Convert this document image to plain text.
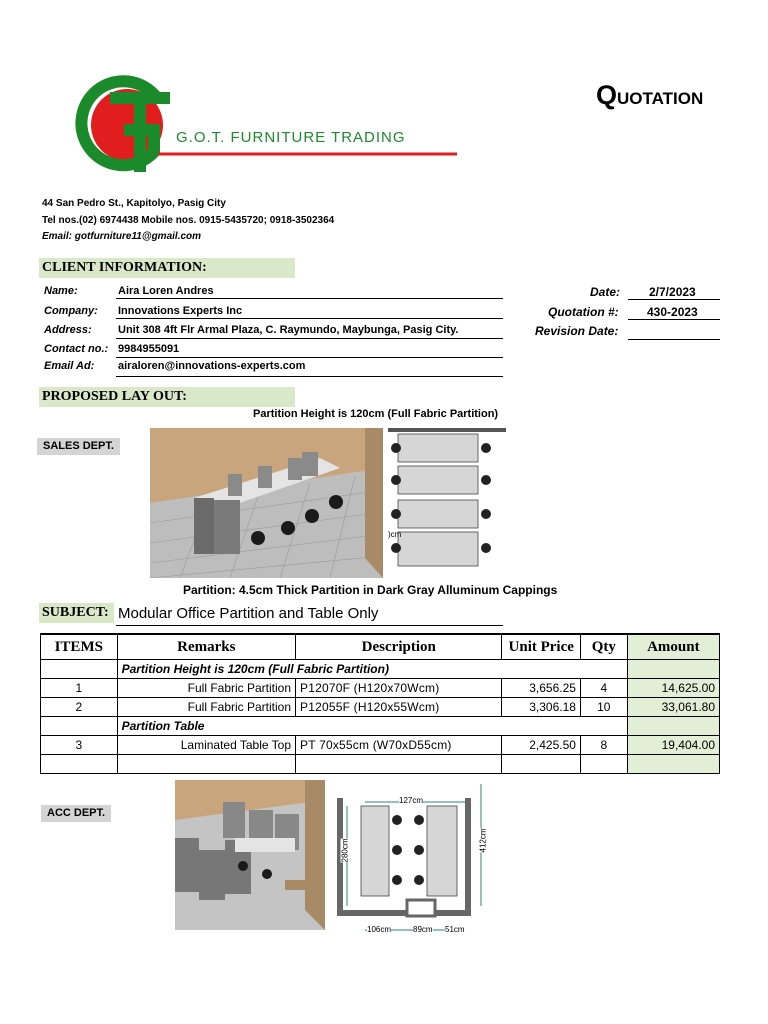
G.O.T. FURNITURE TRADING
QUOTATION
44 San Pedro St., Kapitolyo, Pasig City
Tel nos.(02) 6974438 Mobile nos. 0915-5435720; 0918-3502364
Email: gotfurniture11@gmail.com
CLIENT INFORMATION:
Name:	Aira Loren Andres
Company: Innovations Experts Inc
Address: Unit 308 4ft Flr Armal Plaza, C. Raymundo, Maybunga, Pasig City.
Contact no.: 9984955091
Email Ad: airaloren@innovations-experts.com
Date: 2/7/2023
Quotation #: 430-2023
Revision Date:
PROPOSED LAY OUT:
Partition Height is 120cm (Full Fabric Partition)
SALES DEPT.
)cm
Partition: 4.5cm Thick Partition in Dark Gray Alluminum Cappings
SUBJECT: Modular Office Partition and Table Only
ITEMS	Remarks	Description	Unit Price	Qty	Amount
	Partition Height is 120cm (Full Fabric Partition)				
1	Full Fabric Partition	P12070F (H120x70Wcm)	3,656.25	4	14,625.00
2	Full Fabric Partition	P12055F (H120x55Wcm)	3,306.18	10	33,061.80
	Partition Table				
3	Laminated Table Top	PT 70x55cm (W70xD55cm)	2,425.50	8	19,404.00

ACC DEPT.
127cm
280cm	412cm
106cm	89cm 51cm
